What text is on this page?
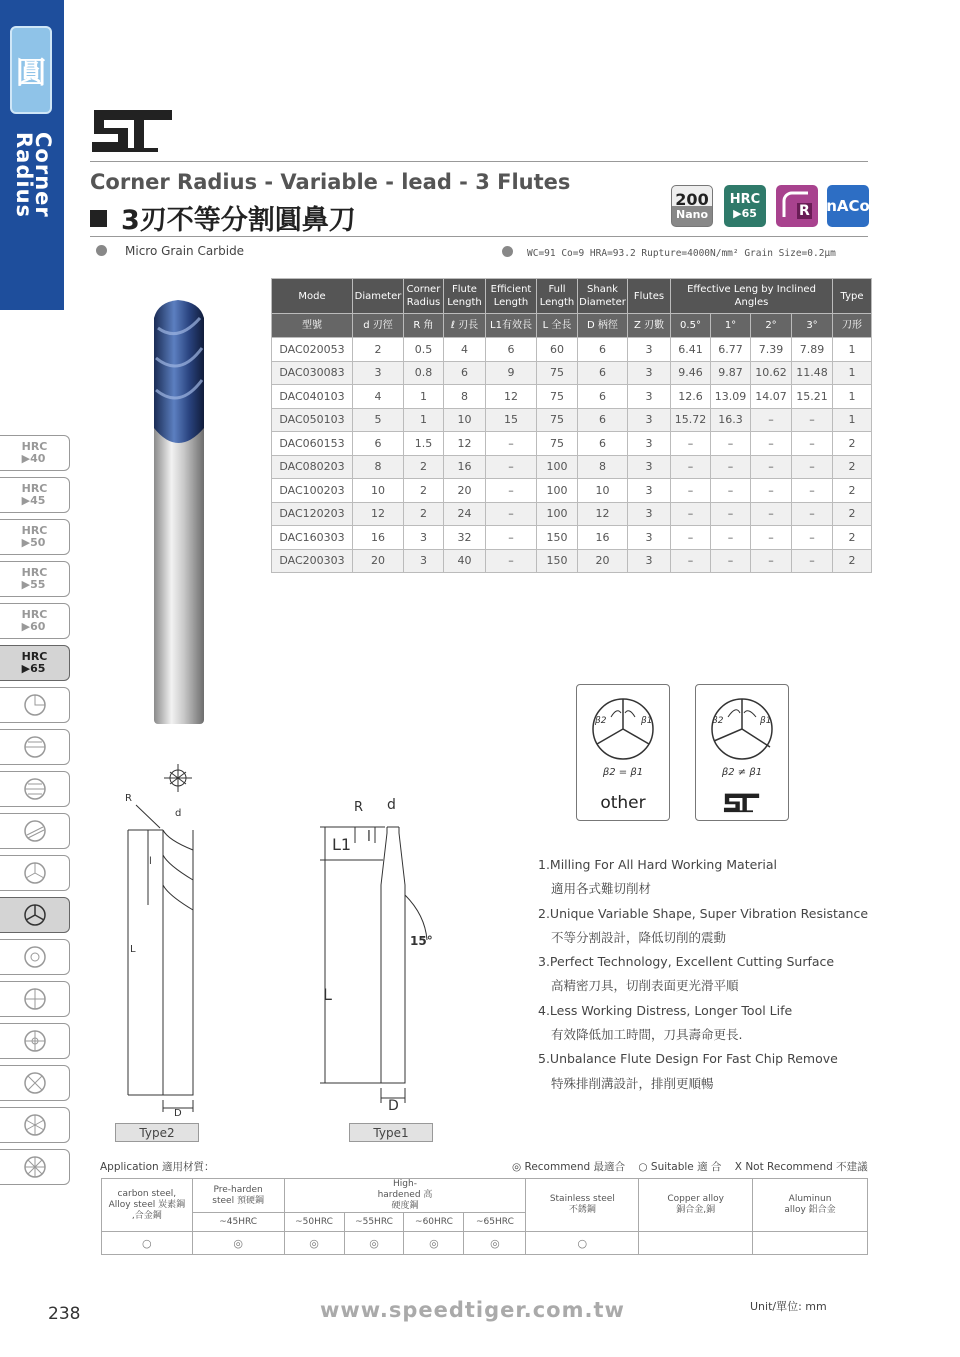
圓
Corner Radius
HRC
▶40
HRC
▶45
HRC
▶50
HRC
▶55
HRC
▶60
HRC
▶65
Corner Radius - Variable - lead - 3 Flutes
3刃不等分割圓鼻刀
Micro Grain Carbide	WC=91 Co=9 HRA=93.2 Rupture=4000N/mm² Grain Size=0.2μm
200
Nano
HRC
▶65	R nACo
Mode	Diameter	Corner Radius	Flute Length	Efficient Length	Full Length	Shank Diameter	Flutes	Effective Leng by Inclined Angles				Type
型號	d 刃徑	R 角	ℓ 刃長	L1有效長	L 全長	D 柄徑	Z 刃數	0.5°	1°	2°	3°	刀形
DAC020053	2	0.5	4	6	60	6	3	6.41	6.77	7.39	7.89	1
DAC030083	3	0.8	6	9	75	6	3	9.46	9.87	10.62	11.48	1
DAC040103	4	1	8	12	75	6	3	12.6	13.09	14.07	15.21	1
DAC050103	5	1	10	15	75	6	3	15.72	16.3	–	–	1
DAC060153	6	1.5	12	–	75	6	3	–	–	–	–	2
DAC080203	8	2	16	–	100	8	3	–	–	–	–	2
DAC100203	10	2	20	–	100	10	3	–	–	–	–	2
DAC120203	12	2	24	–	100	12	3	–	–	–	–	2
DAC160303	16	3	32	–	150	16	3	–	–	–	–	2
DAC200303	20	3	40	–	150	20	3	–	–	–	–	2
R
d
l
L
D
Type2
R d
L1 l
15°
L
D
Type1
β2	β1
β2 = β1
other
β2	β1
β2 ≠ β1
1.Milling For All Hard Working Material
適用各式難切削材
2.Unique Variable Shape, Super Vibration Resistance
不等分割設計，降低切削的震動
3.Perfect Technology, Excellent Cutting Surface
高精密刀具，切削表面更光滑平順
4.Less Working Distress, Longer Tool Life
有效降低加工時間，刀具壽命更長.
5.Unbalance Flute Design For Fast Chip Remove
特殊排削溝設計，排削更順暢
Application 適用材質：	◎ Recommend 最適合 ○ Suitable 適 合 X Not Recommend 不建議
carbon steel, Alloy steel 炭素鋼 ,合金鋼	Pre-harden steel 預硬鋼	High-hardened 高硬度鋼				Stainless steel 不銹鋼	Copper alloy 銅合金,銅	Aluminun alloy 鋁合金
	~45HRC	~50HRC	~55HRC	~60HRC	~65HRC			
○	◎	◎	◎	◎	◎	○		
238	www.speedtiger.com.tw	Unit/單位: mm
